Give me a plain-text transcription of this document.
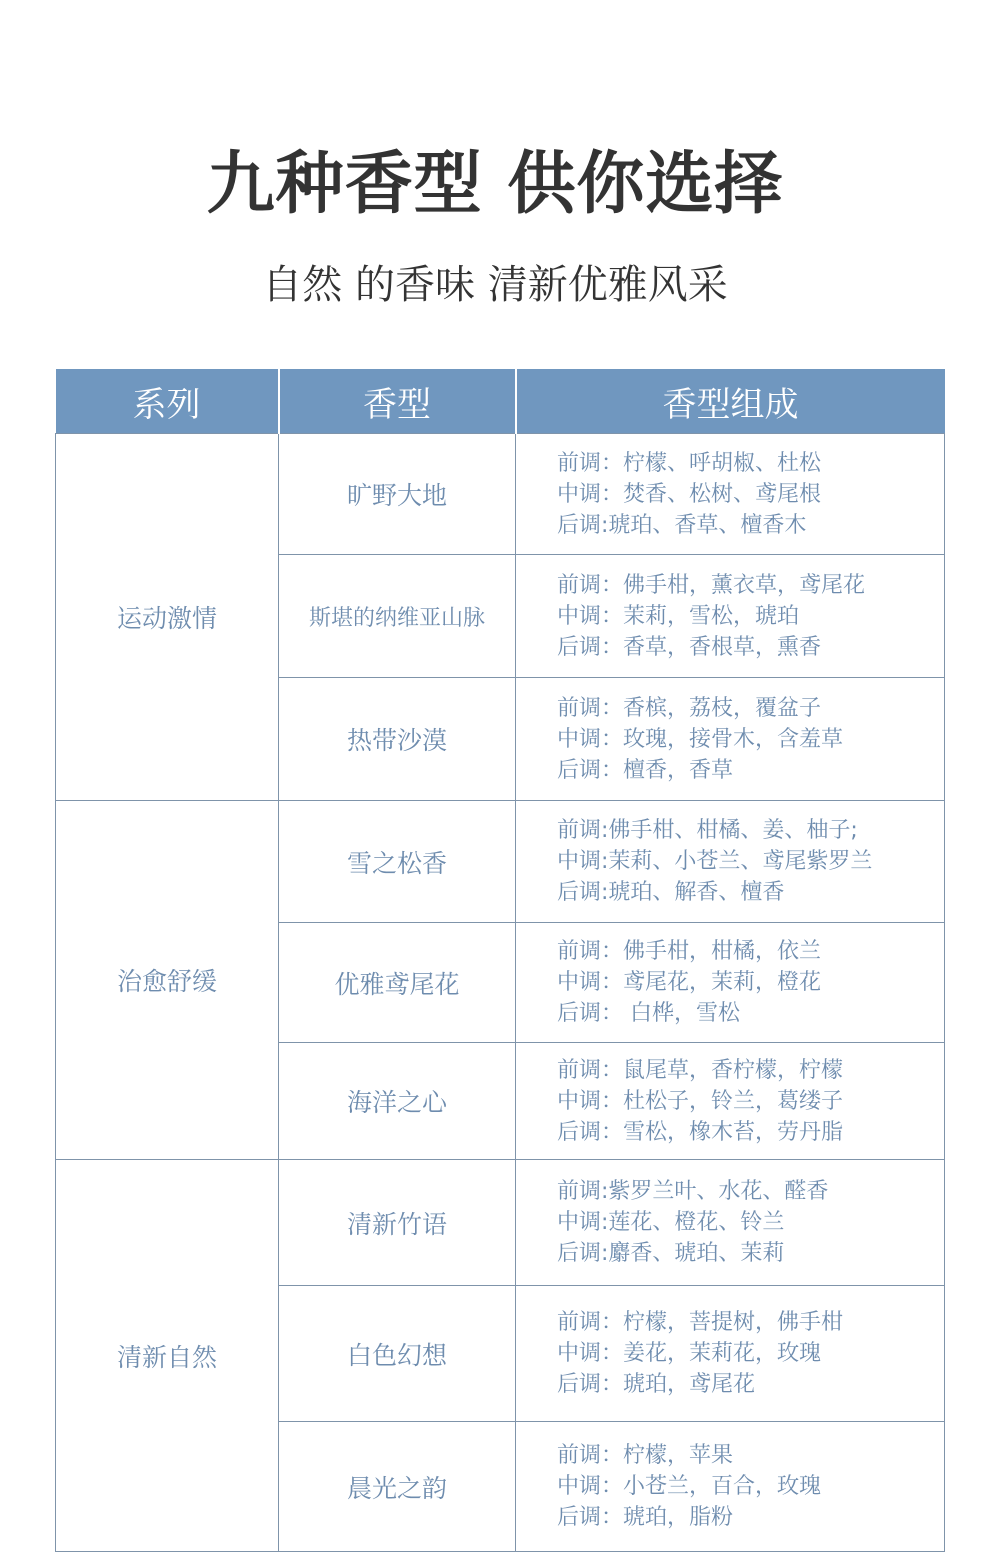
九种香型 供你选择
自然 的香味 清新优雅风采
系列	香型	香型组成
运动激情	旷野大地	前调：柠檬、呼胡椒、杜松
中调：焚香、松树、鸢尾根
后调:琥珀、香草、檀香木

	斯堪的纳维亚山脉	前调：佛手柑，薰衣草，鸢尾花
中调：茉莉，雪松，琥珀
后调：香草，香根草，熏香

	热带沙漠	前调：香槟，荔枝，覆盆子
中调：玫瑰，接骨木，含羞草
后调：檀香，香草

治愈舒缓	雪之松香	前调:佛手柑、柑橘、姜、柚子;
中调:茉莉、小苍兰、鸢尾紫罗兰
后调:琥珀、解香、檀香

	优雅鸢尾花	前调：佛手柑，柑橘，依兰
中调：鸢尾花，茉莉，橙花
后调： 白桦，雪松

	海洋之心	前调：鼠尾草，香柠檬，柠檬
中调：杜松子，铃兰，葛缕子
后调：雪松，橡木苔，劳丹脂

清新自然	清新竹语	前调:紫罗兰叶、水花、醛香
中调:莲花、橙花、铃兰
后调:麝香、琥珀、茉莉

	白色幻想	前调：柠檬，菩提树，佛手柑
中调：姜花，茉莉花，玫瑰
后调：琥珀，鸢尾花

	晨光之韵	前调：柠檬，苹果
中调：小苍兰，百合，玫瑰
后调：琥珀，脂粉
